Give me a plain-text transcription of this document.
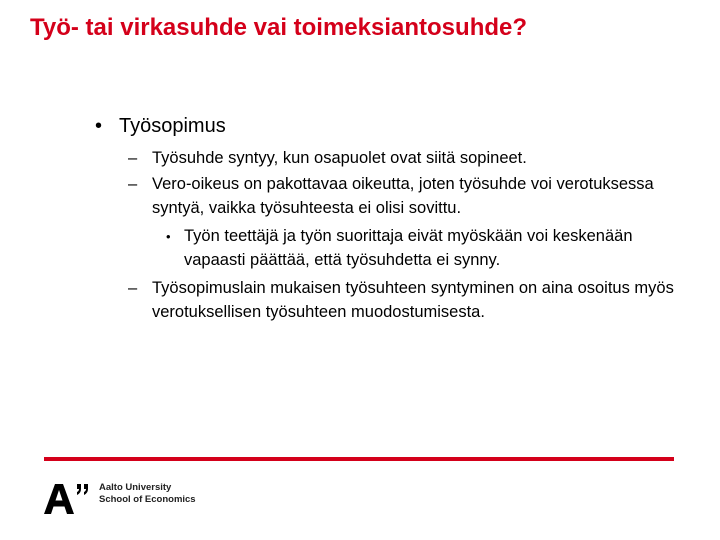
Työ- tai virkasuhde vai toimeksiantosuhde?
• Työsopimus
– Työsuhde syntyy, kun osapuolet ovat siitä sopineet.
– Vero-oikeus on pakottavaa oikeutta, joten työsuhde voi verotuksessa syntyä, vaikka työsuhteesta ei olisi sovittu.
• Työn teettäjä ja työn suorittaja eivät myöskään voi keskenään vapaasti päättää, että työsuhdetta ei synny.
– Työsopimuslain mukaisen työsuhteen syntyminen on aina osoitus myös verotuksellisen työsuhteen muodostumisesta.
Aalto University
School of Economics
